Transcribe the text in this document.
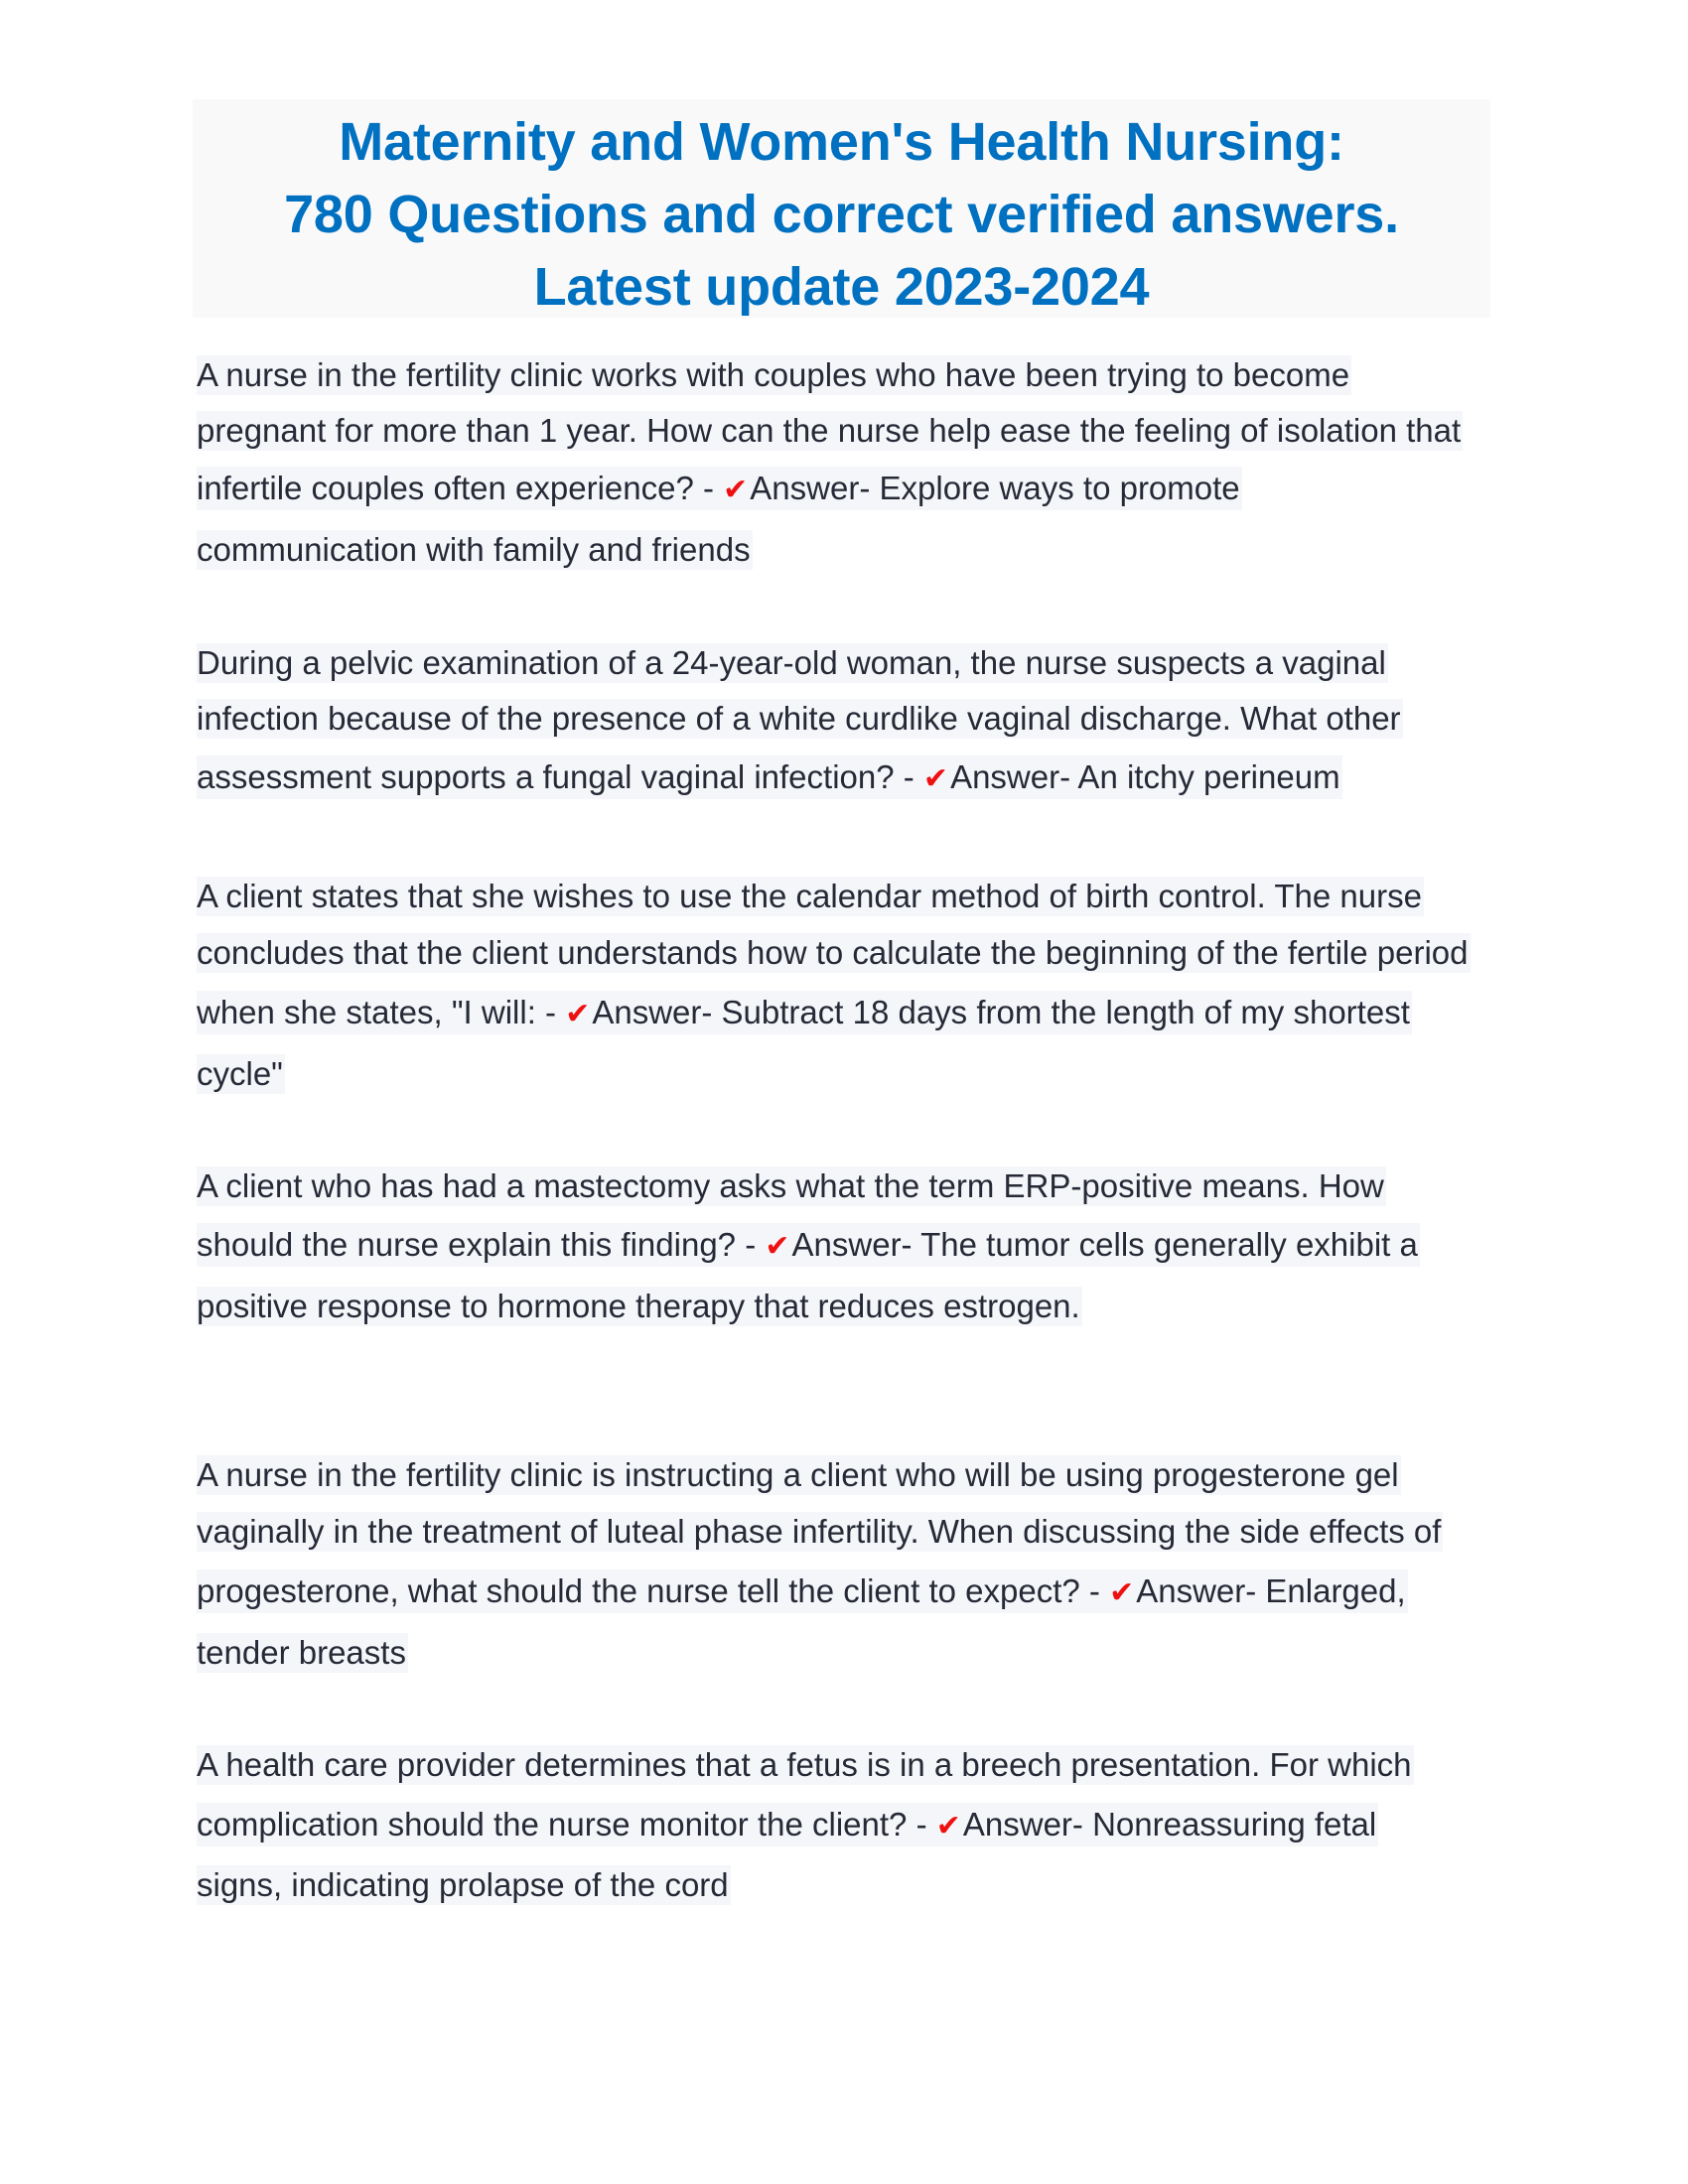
Maternity and Women's Health Nursing:
780 Questions and correct verified answers.
Latest update 2023-2024
A nurse in the fertility clinic works with couples who have been trying to become
pregnant for more than 1 year. How can the nurse help ease the feeling of isolation that
infertile couples often experience? - ✔Answer- Explore ways to promote
communication with family and friends
During a pelvic examination of a 24-year-old woman, the nurse suspects a vaginal
infection because of the presence of a white curdlike vaginal discharge. What other
assessment supports a fungal vaginal infection? - ✔Answer- An itchy perineum
A client states that she wishes to use the calendar method of birth control. The nurse
concludes that the client understands how to calculate the beginning of the fertile period
when she states, "I will: - ✔Answer- Subtract 18 days from the length of my shortest
cycle"
A client who has had a mastectomy asks what the term ERP-positive means. How
should the nurse explain this finding? - ✔Answer- The tumor cells generally exhibit a
positive response to hormone therapy that reduces estrogen.
A nurse in the fertility clinic is instructing a client who will be using progesterone gel
vaginally in the treatment of luteal phase infertility. When discussing the side effects of
progesterone, what should the nurse tell the client to expect? - ✔Answer- Enlarged,
tender breasts
A health care provider determines that a fetus is in a breech presentation. For which
complication should the nurse monitor the client? - ✔Answer- Nonreassuring fetal
signs, indicating prolapse of the cord
